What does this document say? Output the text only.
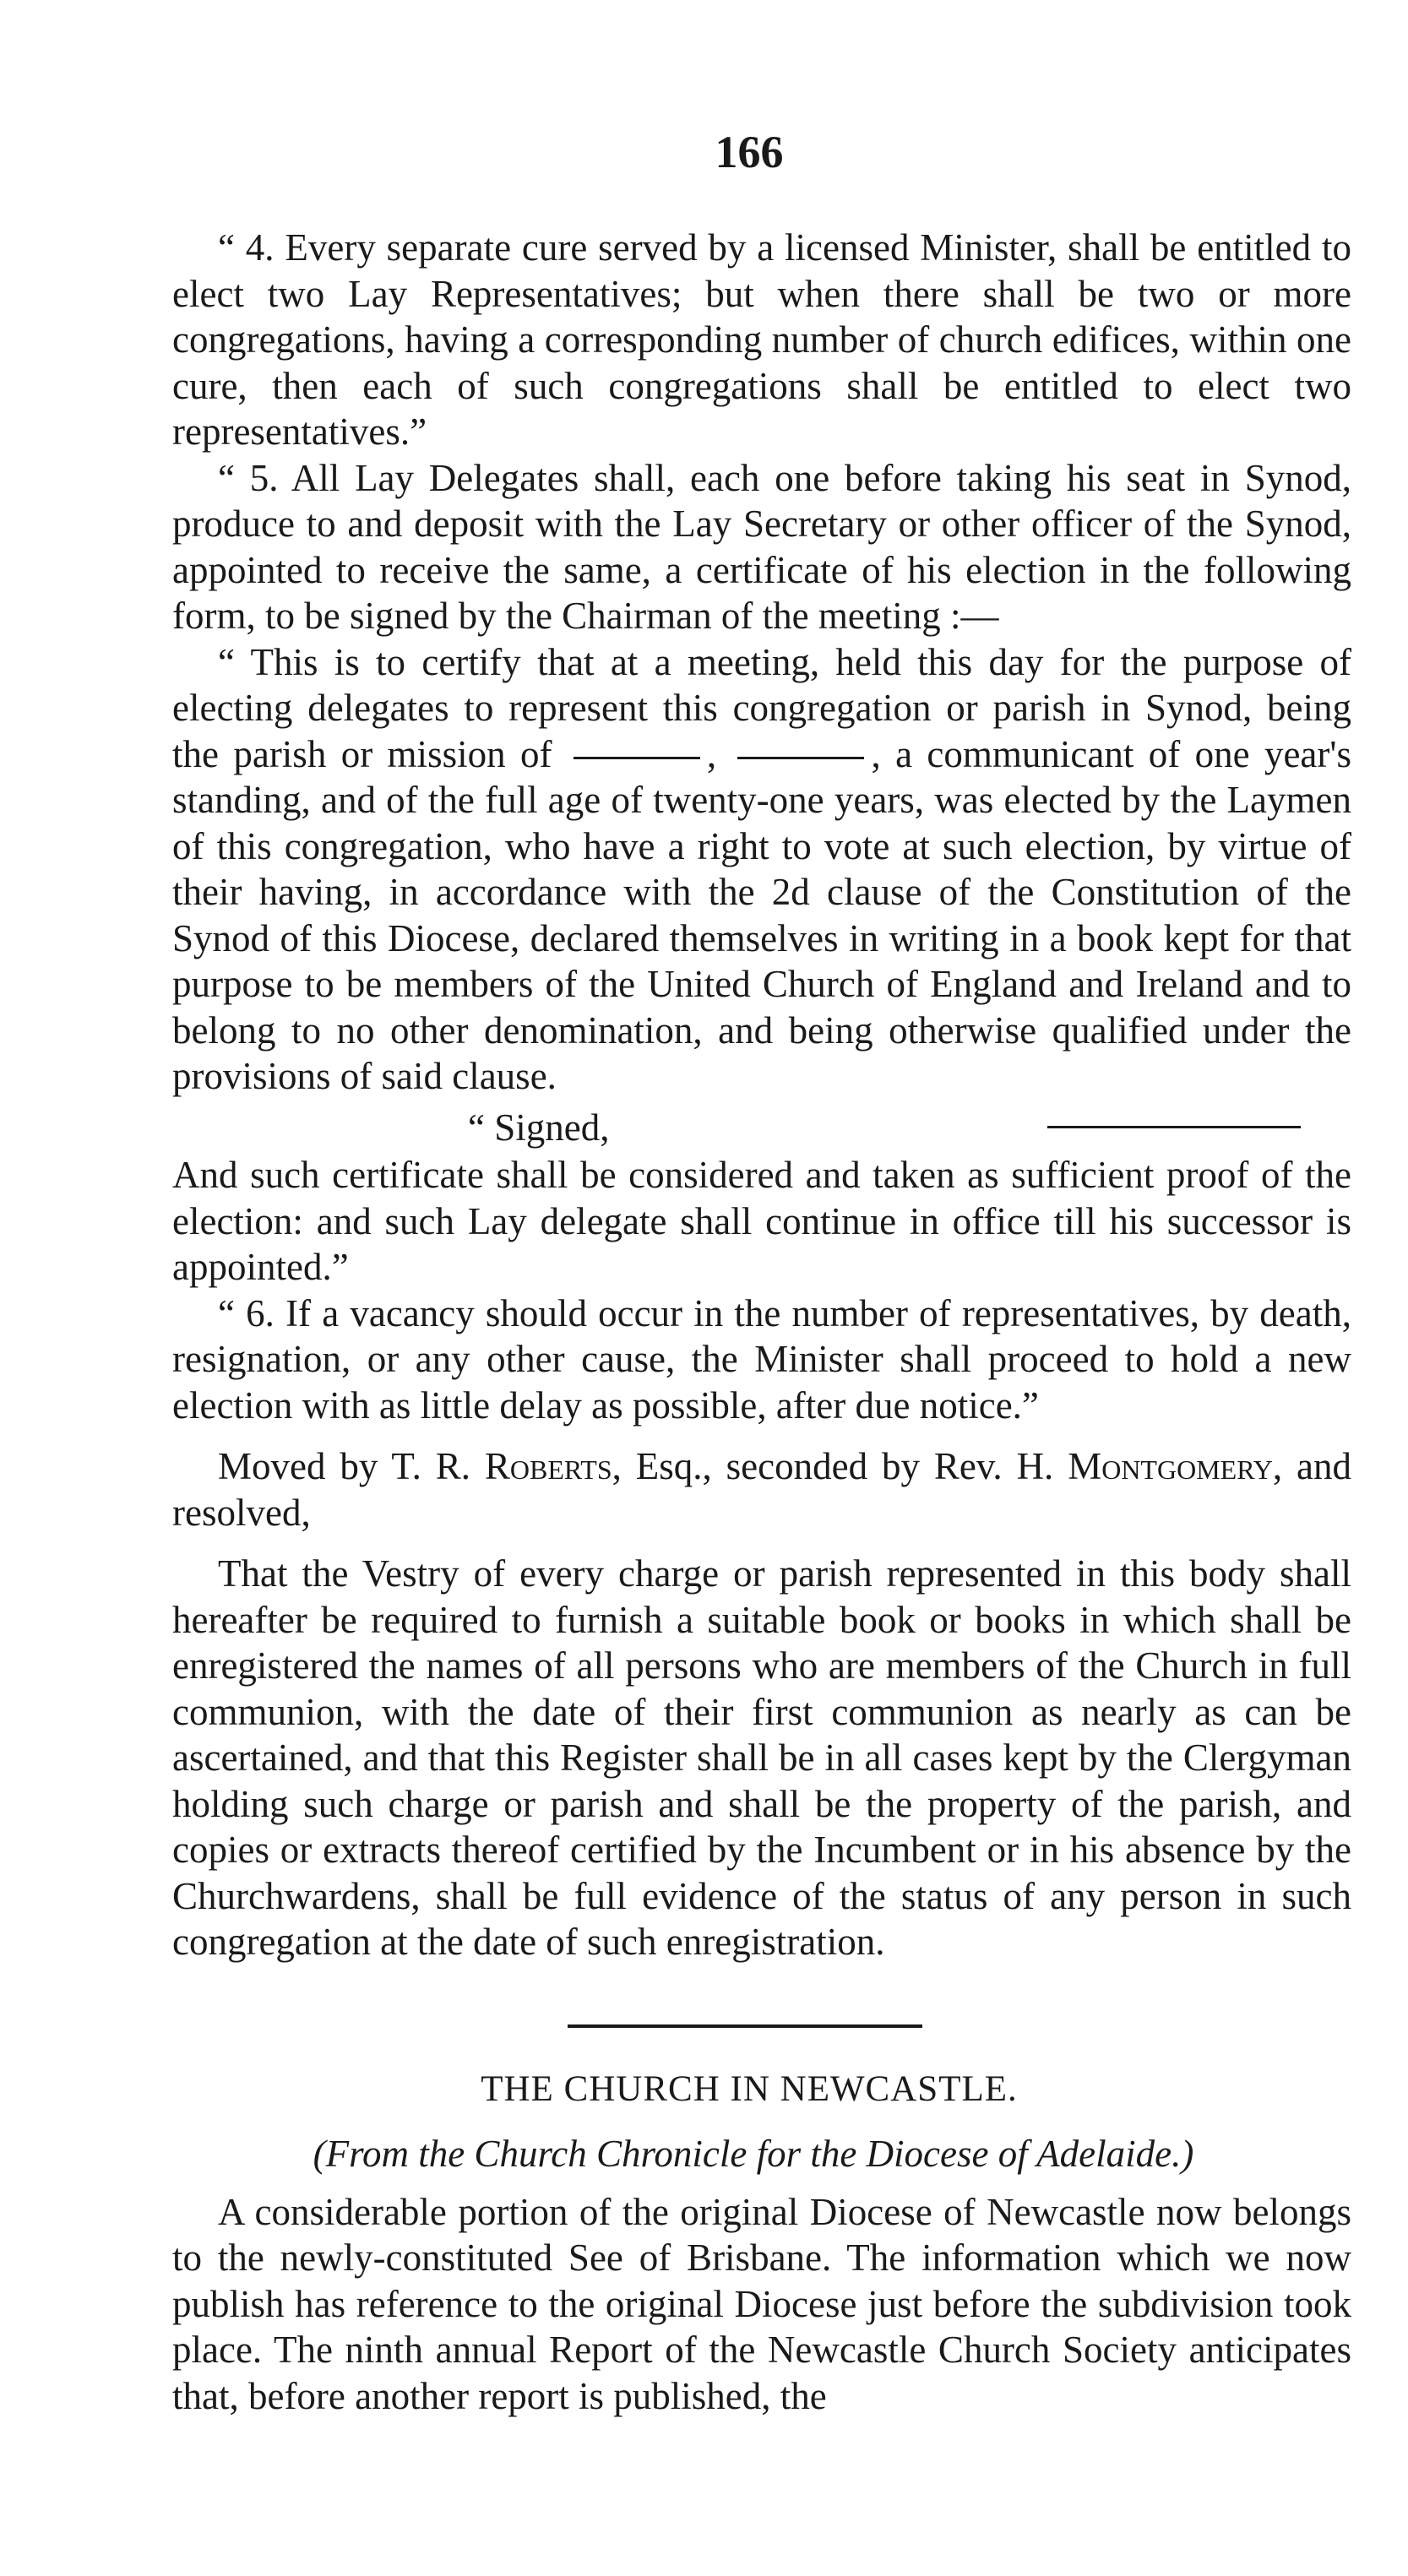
166

“ 4. Every separate cure served by a licensed Minister, shall be entitled to elect two Lay Representatives; but when there shall be two or more congregations, having a corresponding number of church edifices, within one cure, then each of such congregations shall be entitled to elect two representatives.”

“ 5. All Lay Delegates shall, each one before taking his seat in Synod, produce to and deposit with the Lay Secretary or other officer of the Synod, appointed to receive the same, a certificate of his election in the following form, to be signed by the Chairman of the meeting :—

“ This is to certify that at a meeting, held this day for the purpose of electing delegates to represent this congregation or parish in Synod, being the parish or mission of	,	, a communicant of one year's standing, and of the full age of twenty-one years, was elected by the Laymen of this congregation, who have a right to vote at such election, by virtue of their having, in accordance with the 2d clause of the Constitution of the Synod of this Diocese, declared themselves in writing in a book kept for that purpose to be members of the United Church of England and Ireland and to belong to no other denomination, and being otherwise qualified under the provisions of said clause.

“ Signed,

And such certificate shall be considered and taken as sufficient proof of the election: and such Lay delegate shall continue in office till his successor is appointed.”

“ 6. If a vacancy should occur in the number of representatives, by death, resignation, or any other cause, the Minister shall proceed to hold a new election with as little delay as possible, after due notice.”

Moved by T. R. Roberts, Esq., seconded by Rev. H. Montgomery, and resolved,

That the Vestry of every charge or parish represented in this body shall hereafter be required to furnish a suitable book or books in which shall be enregistered the names of all persons who are members of the Church in full communion, with the date of their first communion as nearly as can be ascertained, and that this Register shall be in all cases kept by the Clergyman holding such charge or parish and shall be the property of the parish, and copies or extracts thereof certified by the Incumbent or in his absence by the Churchwardens, shall be full evidence of the status of any person in such congregation at the date of such enregistration.

THE CHURCH IN NEWCASTLE.
(From the Church Chronicle for the Diocese of Adelaide.)

A considerable portion of the original Diocese of Newcastle now belongs to the newly-constituted See of Brisbane. The information which we now publish has reference to the original Diocese just before the subdivision took place. The ninth annual Report of the Newcastle Church Society anticipates that, before another report is published, the
